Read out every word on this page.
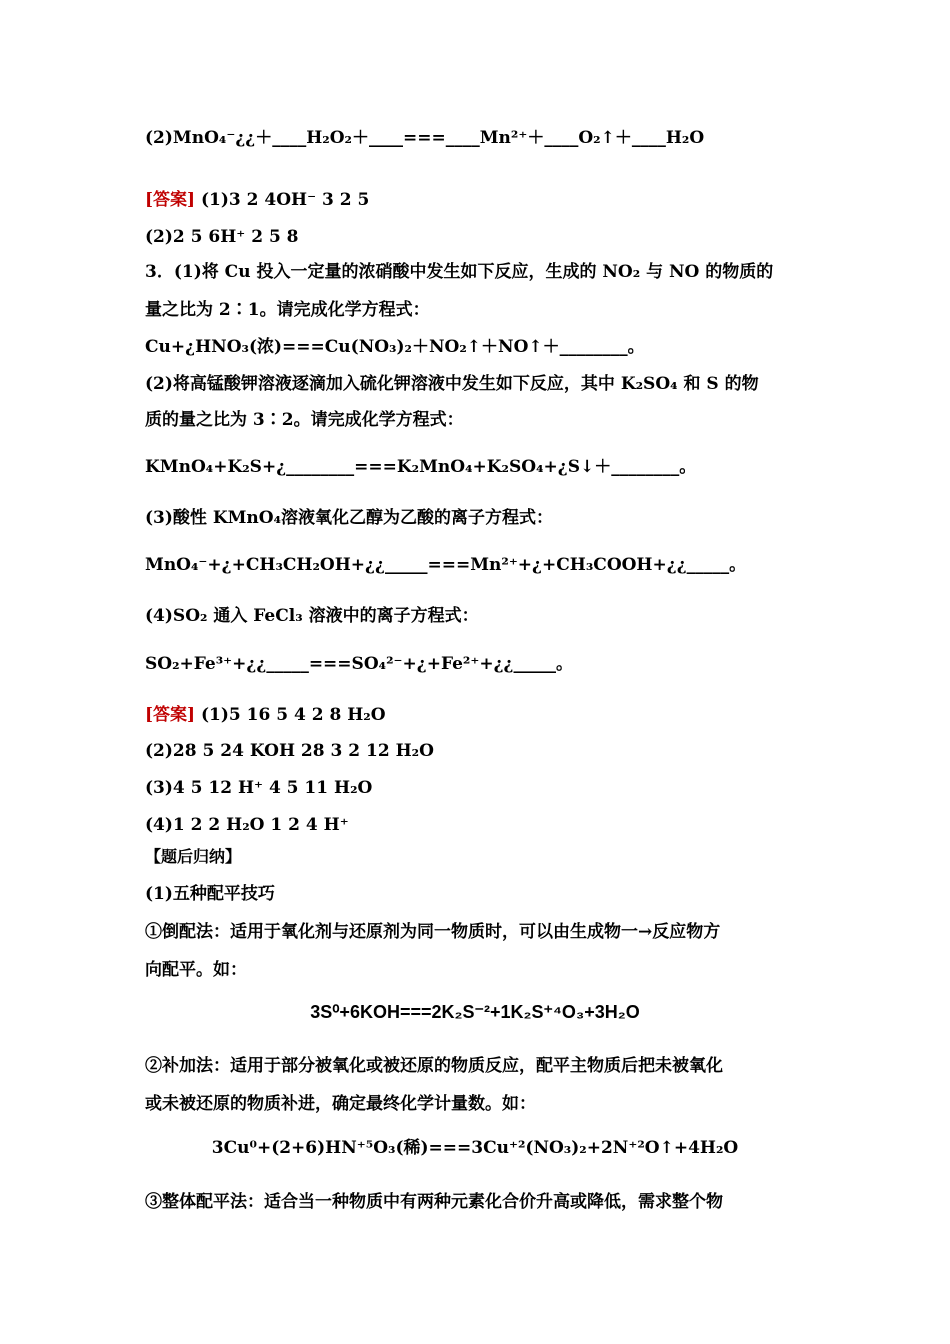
(2)MnO₄⁻¿¿＋____H₂O₂＋____===____Mn²⁺＋____O₂↑＋____H₂O
[答案] (1)3 2 4OH⁻ 3 2 5
(2)2 5 6H⁺ 2 5 8
3．(1)将 Cu 投入一定量的浓硝酸中发生如下反应，生成的 NO₂ 与 NO 的物质的
量之比为 2∶1。请完成化学方程式：
Cu+¿HNO₃(浓)===Cu(NO₃)₂＋NO₂↑＋NO↑＋________。
(2)将高锰酸钾溶液逐滴加入硫化钾溶液中发生如下反应，其中 K₂SO₄ 和 S 的物
质的量之比为 3∶2。请完成化学方程式：
KMnO₄+K₂S+¿________===K₂MnO₄+K₂SO₄+¿S↓＋________。
(3)酸性 KMnO₄溶液氧化乙醇为乙酸的离子方程式：
MnO₄⁻+¿+CH₃CH₂OH+¿¿_____===Mn²⁺+¿+CH₃COOH+¿¿_____。
(4)SO₂ 通入 FeCl₃ 溶液中的离子方程式：
SO₂+Fe³⁺+¿¿_____===SO₄²⁻+¿+Fe²⁺+¿¿_____。
[答案] (1)5 16 5 4 2 8 H₂O
(2)28 5 24 KOH 28 3 2 12 H₂O
(3)4 5 12 H⁺ 4 5 11 H₂O
(4)1 2 2 H₂O 1 2 4 H⁺
【题后归纳】
(1)五种配平技巧
①倒配法：适用于氧化剂与还原剂为同一物质时，可以由生成物一→反应物方
向配平。如：
3S⁰+6KOH===2K₂S⁻²+1K₂S⁺⁴O₃+3H₂O
②补加法：适用于部分被氧化或被还原的物质反应，配平主物质后把未被氧化
或未被还原的物质补进，确定最终化学计量数。如：
3Cu⁰+(2+6)HN⁺⁵O₃(稀)===3Cu⁺²(NO₃)₂+2N⁺²O↑+4H₂O
③整体配平法：适合当一种物质中有两种元素化合价升高或降低，需求整个物
